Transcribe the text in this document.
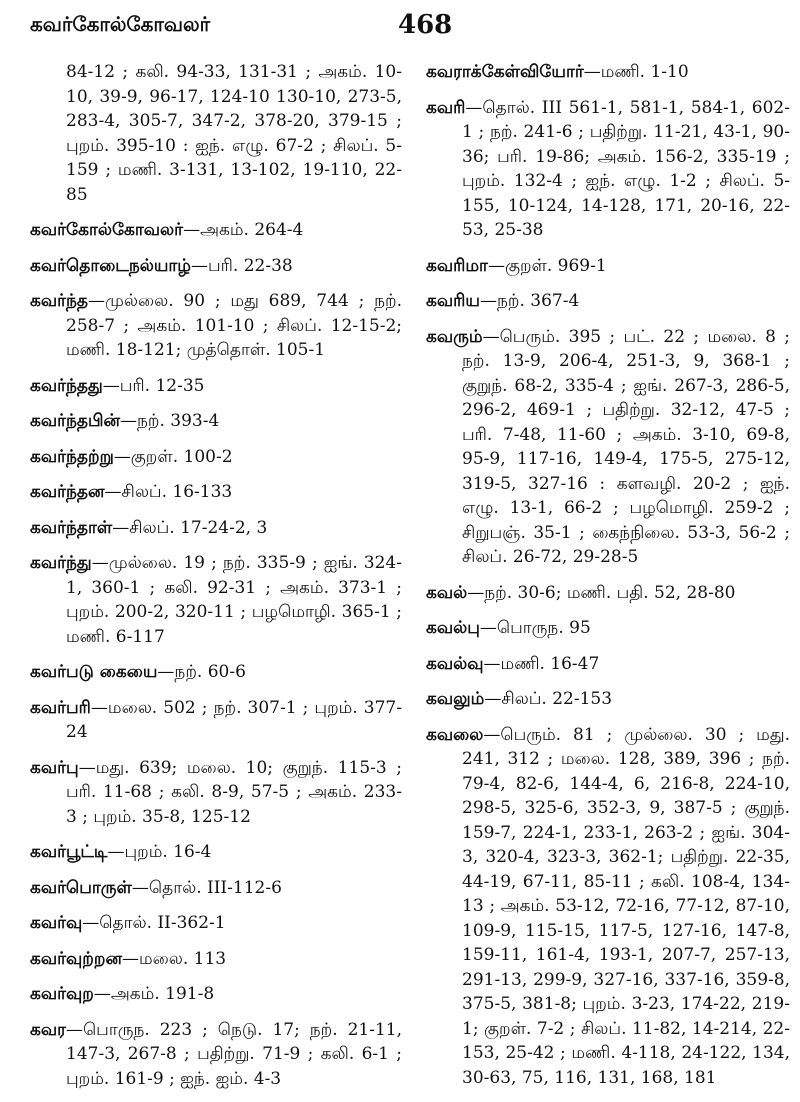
கவர்கோல்கோவலர்	468
84-12 ; கலி. 94-33, 131-31 ; அகம். 10-10, 39-9, 96-17, 124-10 130-10, 273-5, 283-4, 305-7, 347-2, 378-20, 379-15 ; புறம். 395-10 : ஐந். எழு. 67-2 ; சிலப். 5-159 ; மணி. 3-131, 13-102, 19-110, 22-85
கவர்கோல்கோவலர்—அகம். 264-4
கவர்தொடைநல்யாழ்—பரி. 22-38
கவர்ந்த—முல்லை. 90 ; மது 689, 744 ; நற். 258-7 ; அகம். 101-10 ; சிலப். 12-15-2; மணி. 18-121; முத்தொள். 105-1
கவர்ந்தது—பரி. 12-35
கவர்ந்தபின்—நற். 393-4
கவர்ந்தற்று—குறள். 100-2
கவர்ந்தன—சிலப். 16-133
கவர்ந்தாள்—சிலப். 17-24-2, 3
கவர்ந்து—முல்லை. 19 ; நற். 335-9 ; ஐங். 324-1, 360-1 ; கலி. 92-31 ; அகம். 373-1 ; புறம். 200-2, 320-11 ; பழமொழி. 365-1 ; மணி. 6-117
கவர்படு கையை—நற். 60-6
கவர்பரி—மலை. 502 ; நற். 307-1 ; புறம். 377-24
கவர்பு—மது. 639; மலை. 10; குறுந். 115-3 ; பரி. 11-68 ; கலி. 8-9, 57-5 ; அகம். 233-3 ; புறம். 35-8, 125-12
கவர்பூட்டி—புறம். 16-4
கவர்பொருள்—தொல். III-112-6
கவர்வு—தொல். II-362-1
கவர்வுற்றன—மலை. 113
கவர்வுற—அகம். 191-8
கவர—பொருந. 223 ; நெடு. 17; நற். 21-11, 147-3, 267-8 ; பதிற்று. 71-9 ; கலி. 6-1 ; புறம். 161-9 ; ஐந். ஐம். 4-3
கவராக்கேள்வியோர்—மணி. 1-10
கவரி—தொல். III 561-1, 581-1, 584-1, 602-1 ; நற். 241-6 ; பதிற்று. 11-21, 43-1, 90-36; பரி. 19-86; அகம். 156-2, 335-19 ; புறம். 132-4 ; ஐந். எழு. 1-2 ; சிலப். 5-155, 10-124, 14-128, 171, 20-16, 22-53, 25-38
கவரிமா—குறள். 969-1
கவரிய—நற். 367-4
கவரும்—பெரும். 395 ; பட். 22 ; மலை. 8 ; நற். 13-9, 206-4, 251-3, 9, 368-1 ; குறுந். 68-2, 335-4 ; ஐங். 267-3, 286-5, 296-2, 469-1 ; பதிற்று. 32-12, 47-5 ; பரி. 7-48, 11-60 ; அகம். 3-10, 69-8, 95-9, 117-16, 149-4, 175-5, 275-12, 319-5, 327-16 : களவழி. 20-2 ; ஐந். எழு. 13-1, 66-2 ; பழமொழி. 259-2 ; சிறுபஞ். 35-1 ; கைந்நிலை. 53-3, 56-2 ; சிலப். 26-72, 29-28-5
கவல்—நற். 30-6; மணி. பதி. 52, 28-80
கவல்பு—பொருந. 95
கவல்வு—மணி. 16-47
கவலும்—சிலப். 22-153
கவலை—பெரும். 81 ; முல்லை. 30 ; மது. 241, 312 ; மலை. 128, 389, 396 ; நற். 79-4, 82-6, 144-4, 6, 216-8, 224-10, 298-5, 325-6, 352-3, 9, 387-5 ; குறுந். 159-7, 224-1, 233-1, 263-2 ; ஐங். 304-3, 320-4, 323-3, 362-1; பதிற்று. 22-35, 44-19, 67-11, 85-11 ; கலி. 108-4, 134-13 ; அகம். 53-12, 72-16, 77-12, 87-10, 109-9, 115-15, 117-5, 127-16, 147-8, 159-11, 161-4, 193-1, 207-7, 257-13, 291-13, 299-9, 327-16, 337-16, 359-8, 375-5, 381-8; புறம். 3-23, 174-22, 219-1; குறள். 7-2 ; சிலப். 11-82, 14-214, 22-153, 25-42 ; மணி. 4-118, 24-122, 134, 30-63, 75, 116, 131, 168, 181
